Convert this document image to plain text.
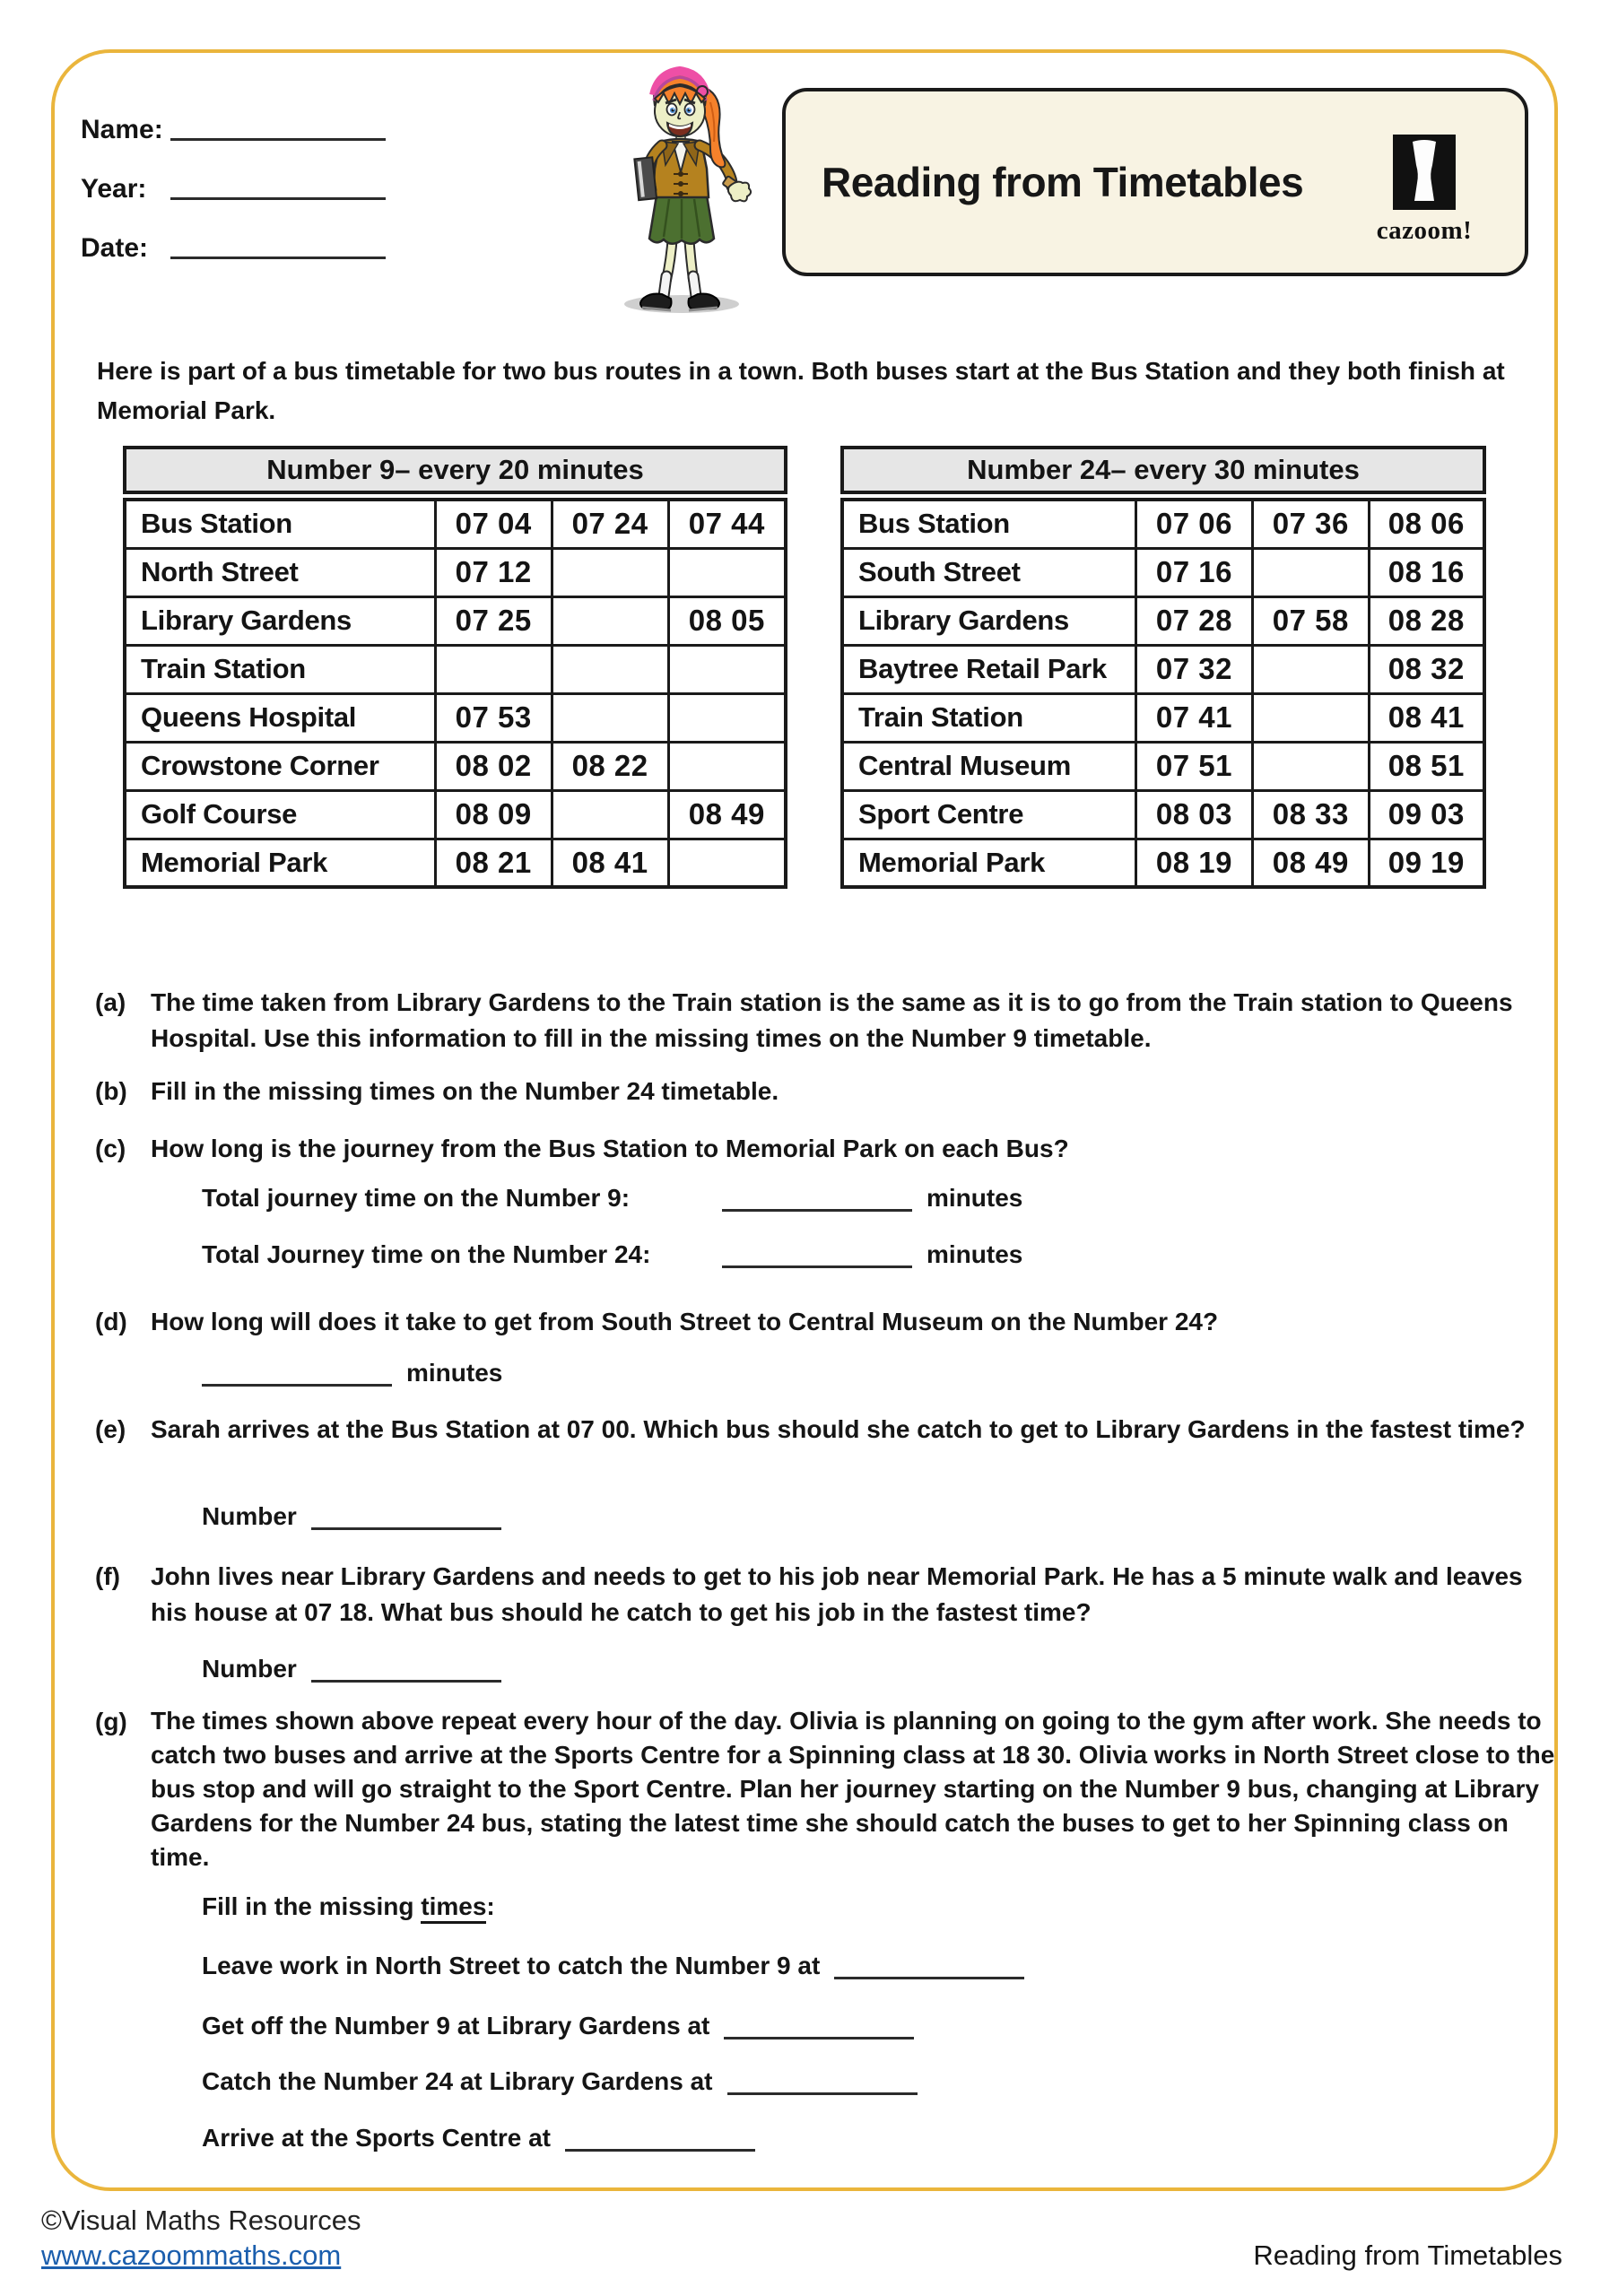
Name:
Year:
Date:
Reading from Timetables
cazoom!
Here is part of a bus timetable for two bus routes in a town. Both buses start at the Bus Station and they both finish at Memorial Park.
Number 9 – every 20 minutes
Bus Station	07 04	07 24	07 44
North Street	07 12		
Library Gardens	07 25		08 05
Train Station			
Queens Hospital	07 53		
Crowstone Corner	08 02	08 22	
Golf Course	08 09		08 49
Memorial Park	08 21	08 41	
Number 24 – every 30 minutes
Bus Station	07 06	07 36	08 06
South Street	07 16		08 16
Library Gardens	07 28	07 58	08 28
Baytree Retail Park	07 32		08 32
Train Station	07 41		08 41
Central Museum	07 51		08 51
Sport Centre	08 03	08 33	09 03
Memorial Park	08 19	08 49	09 19
(a) The time taken from Library Gardens to the Train station is the same as it is to go from the Train station to Queens Hospital. Use this information to fill in the missing times on the Number 9 timetable.
(b) Fill in the missing times on the Number 24 timetable.
(c) How long is the journey from the Bus Station to Memorial Park on each Bus?
Total journey time on the Number 9:	minutes
Total Journey time on the Number 24:	minutes
(d) How long will does it take to get from South Street to Central Museum on the Number 24?
minutes
(e) Sarah arrives at the Bus Station at 07 00. Which bus should she catch to get to Library Gardens in the fastest time?
Number
(f)	John lives near Library Gardens and needs to get to his job near Memorial Park. He has a 5 minute walk and leaves his house at 07 18. What bus should he catch to get his job in the fastest time?
Number
(g) The times shown above repeat every hour of the day. Olivia is planning on going to the gym after work. She needs to catch two buses and arrive at the Sports Centre for a Spinning class at 18 30. Olivia works in North Street close to the bus stop and will go straight to the Sport Centre. Plan her journey starting on the Number 9 bus, changing at Library Gardens for the Number 24 bus, stating the latest time she should catch the buses to get to her Spinning class on time.
Fill in the missing times:
Leave work in North Street to catch the Number 9 at
Get off the Number 9 at Library Gardens at
Catch the Number 24 at Library Gardens at
Arrive at the Sports Centre at
©Visual Maths Resources
www.cazoommaths.com	Reading from Timetables
